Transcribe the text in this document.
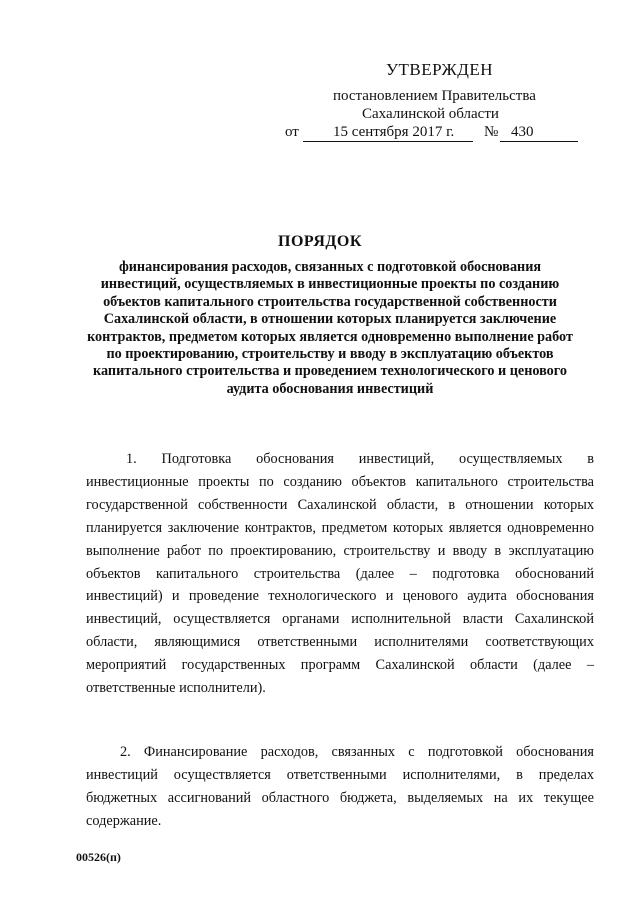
УТВЕРЖДЕН
постановлением Правительства
Сахалинской области
от 15 сентября 2017 г. № 430
ПОРЯДОК
финансирования расходов, связанных с подготовкой обоснования инвестиций, осуществляемых в инвестиционные проекты по созданию объектов капитального строительства государственной собственности Сахалинской области, в отношении которых планируется заключение контрактов, предметом которых является одновременно выполнение работ по проектированию, строительству и вводу в эксплуатацию объектов капитального строительства и проведением технологического и ценового аудита обоснования инвестиций
1. Подготовка обоснования инвестиций, осуществляемых в инвестиционные проекты по созданию объектов капитального строительства государственной собственности Сахалинской области, в отношении которых планируется заключение контрактов, предметом которых является одновременно выполнение работ по проектированию, строительству и вводу в эксплуатацию объектов капитального строительства (далее – подготовка обоснований инвестиций) и проведение технологического и ценового аудита обоснования инвестиций, осуществляется органами исполнительной власти Сахалинской области, являющимися ответственными исполнителями соответствующих мероприятий государственных программ Сахалинской области (далее – ответственные исполнители).
2. Финансирование расходов, связанных с подготовкой обоснования инвестиций осуществляется ответственными исполнителями, в пределах бюджетных ассигнований областного бюджета, выделяемых на их текущее содержание.
00526(п)
